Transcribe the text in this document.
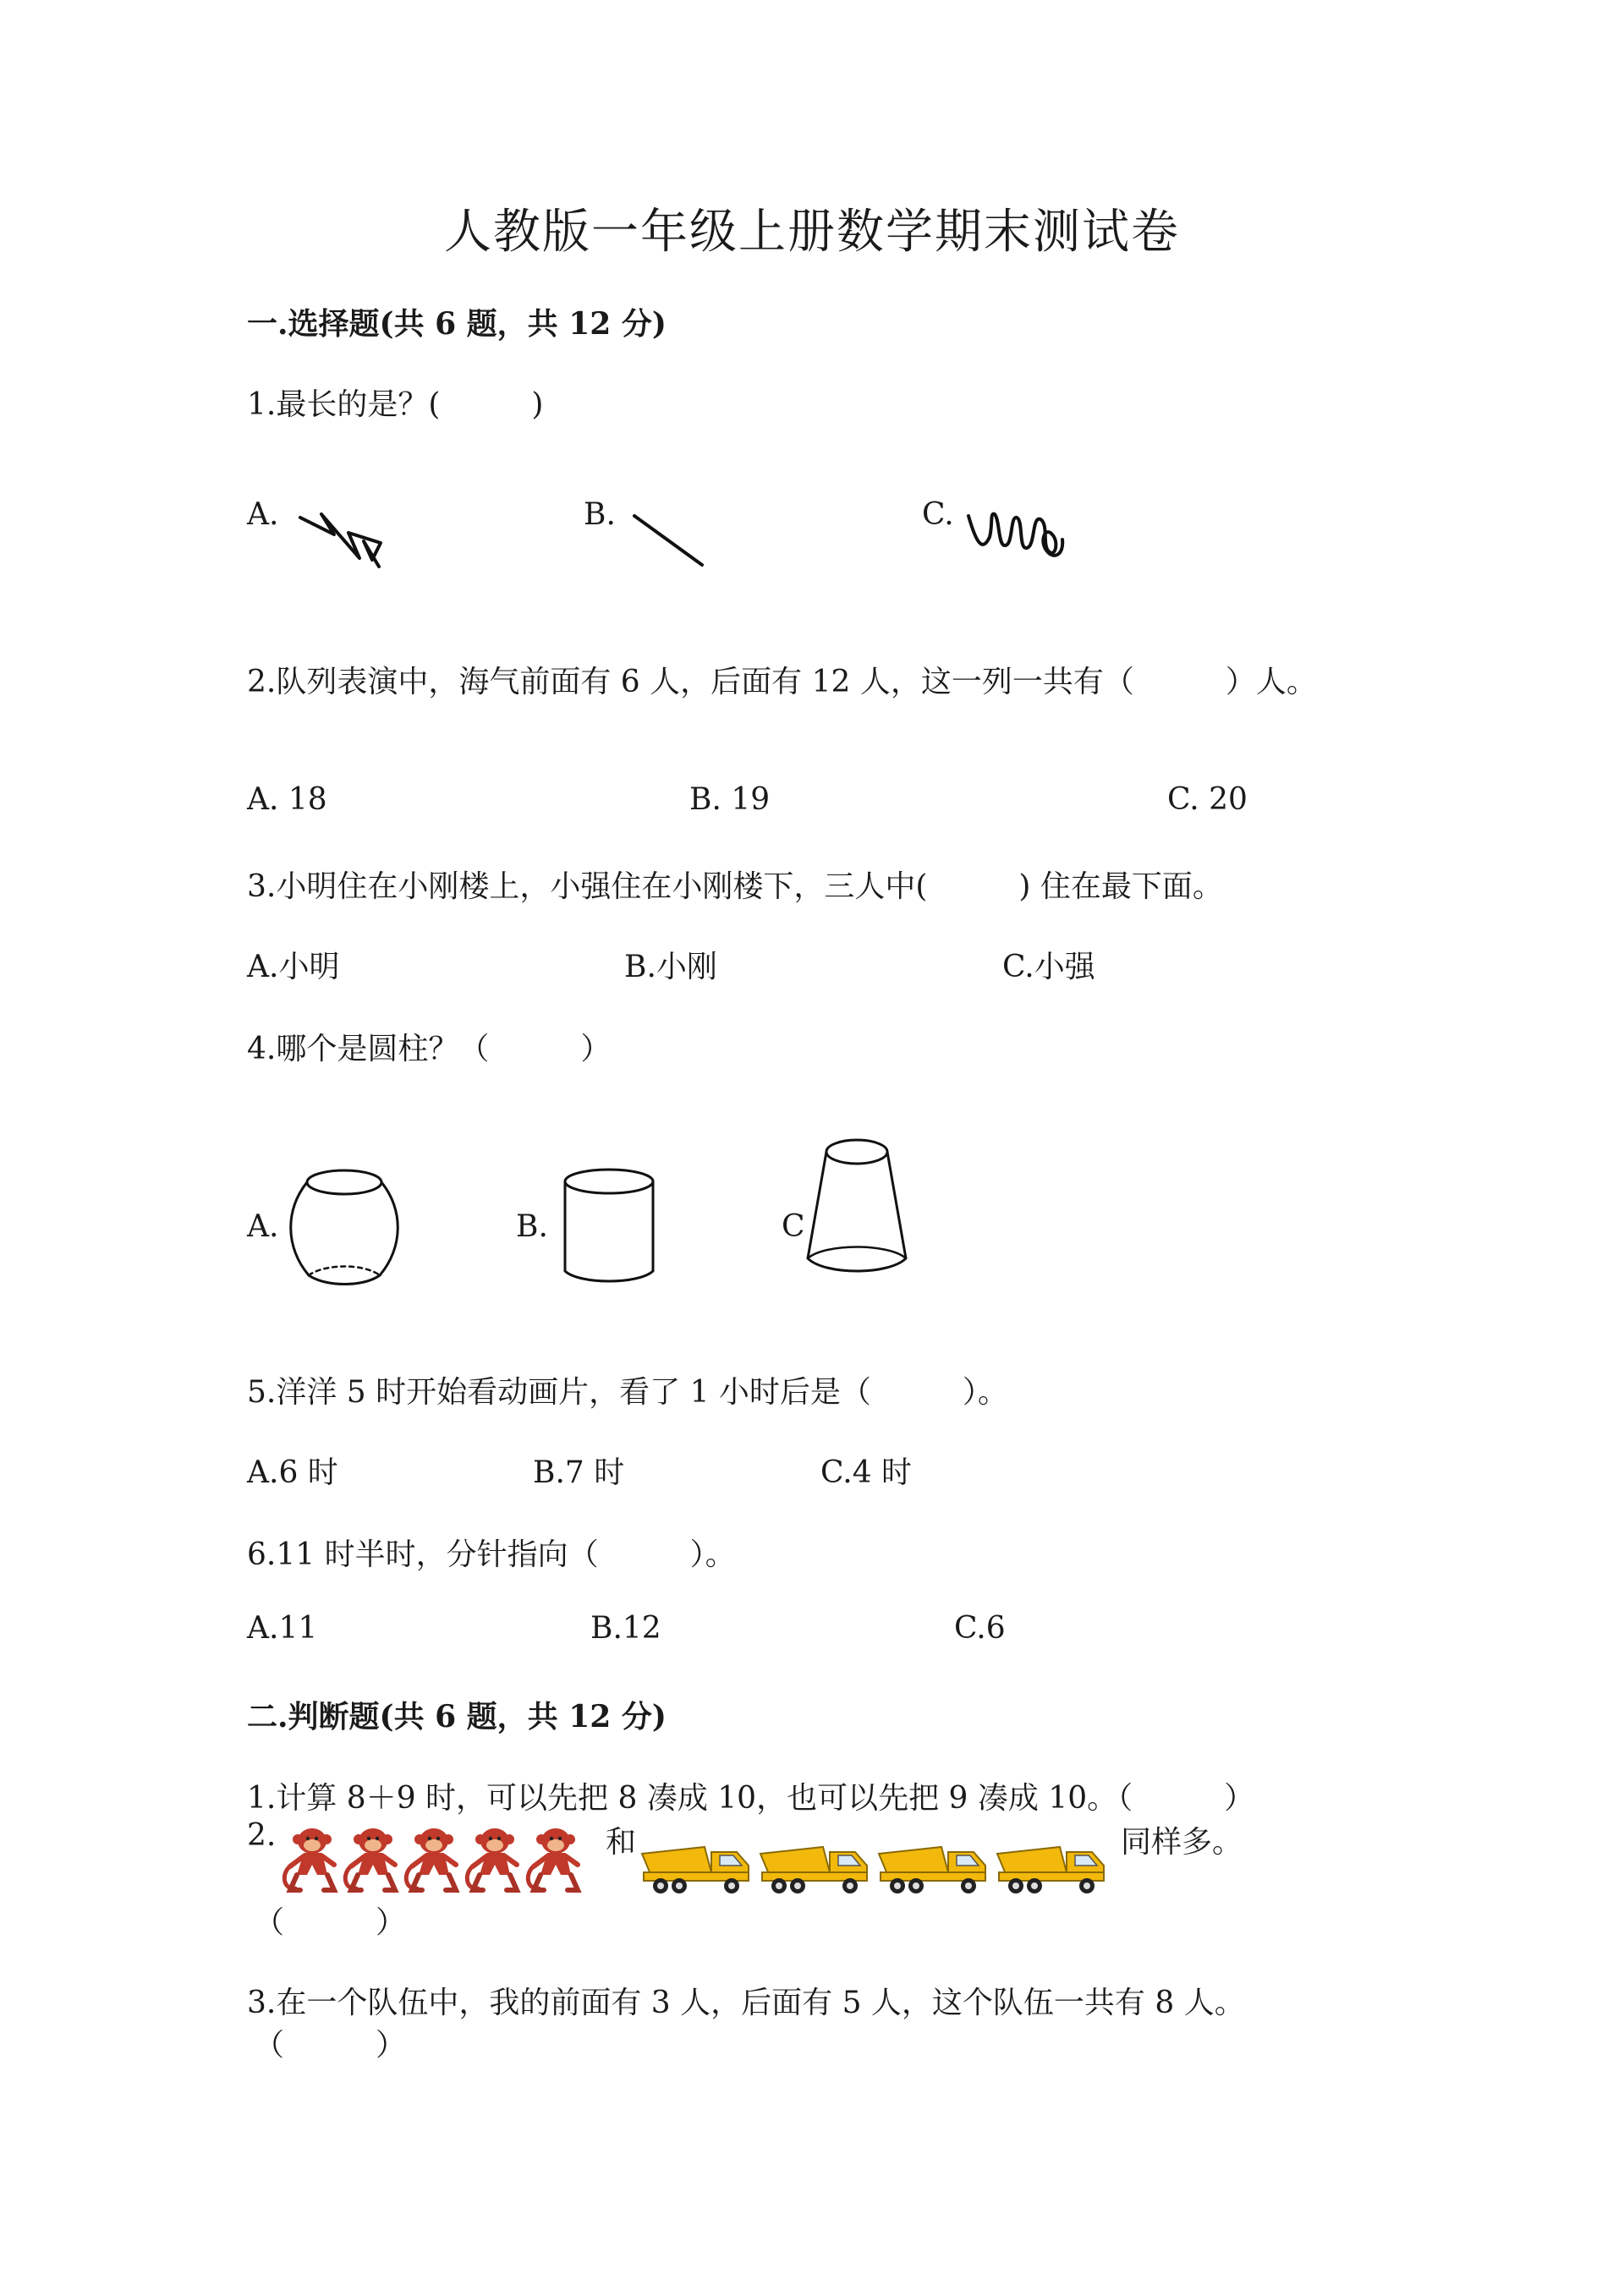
人教版一年级上册数学期末测试卷
一.选择题(共 6 题，共 12 分)
1.最长的是？(　　　)
A.	B.	C.
2.队列表演中，海气前面有 6 人，后面有 12 人，这一列一共有（　　　）人。
A. 18	B. 19	C. 20
3.小明住在小刚楼上，小强住在小刚楼下，三人中(　　　) 住在最下面。
A.小明	B.小刚	C.小强
4.哪个是圆柱？（　　　）
A.	B.	C
5.洋洋 5 时开始看动画片，看了 1 小时后是（　　　）。
A.6 时	B.7 时	C.4 时
6.11 时半时，分针指向（　　　）。
A.11	B.12	C.6
二.判断题(共 6 题，共 12 分)
1.计算 8＋9 时，可以先把 8 凑成 10，也可以先把 9 凑成 10。（　　　）
2.	和	同样多。
（　　　）
3.在一个队伍中，我的前面有 3 人，后面有 5 人，这个队伍一共有 8 人。
（　　　）
